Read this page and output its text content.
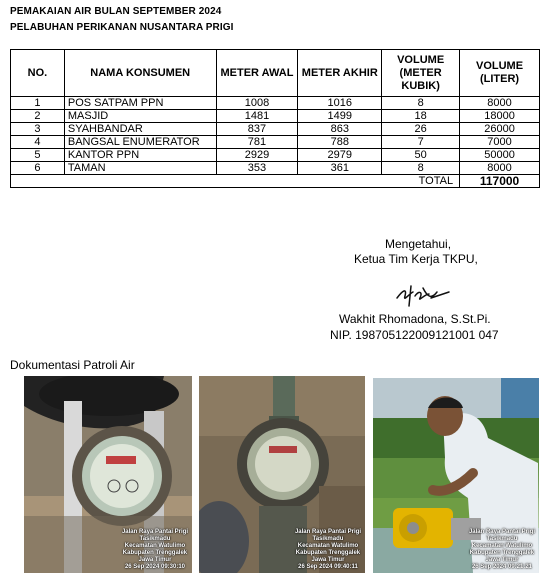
PEMAKAIAN AIR BULAN SEPTEMBER 2024
PELABUHAN PERIKANAN NUSANTARA PRIGI
NO.	NAMA KONSUMEN	METER AWAL	METER AKHIR	VOLUME (METER KUBIK)	VOLUME (LITER)
1	POS SATPAM PPN	1008	1016	8	8000
2	MASJID	1481	1499	18	18000
3	SYAHBANDAR	837	863	26	26000
4	BANGSAL ENUMERATOR	781	788	7	7000
5	KANTOR PPN	2929	2979	50	50000
6	TAMAN	353	361	8	8000
TOTAL					117000
Mengetahui,
Ketua Tim Kerja TKPU,
Wakhit Rhomadona, S.St.Pi.
NIP. 198705122009121001 047
Dokumentasi Patroli Air
Jalan Raya Pantai Prigi
Tasikmadu
Kecamatan Watulimo
Kabupaten Trenggalek
Jawa Timur
26 Sep 2024 09:30:10
Jalan Raya Pantai Prigi
Tasikmadu
Kecamatan Watulimo
Kabupaten Trenggalek
Jawa Timur
26 Sep 2024 09:40:11
Jalan Raya Pantai Prigi
Tasikmadu
Kecamatan Watulimo
Kabupaten Trenggalek
Jawa Timur
26 Sep 2024 09:21:21
